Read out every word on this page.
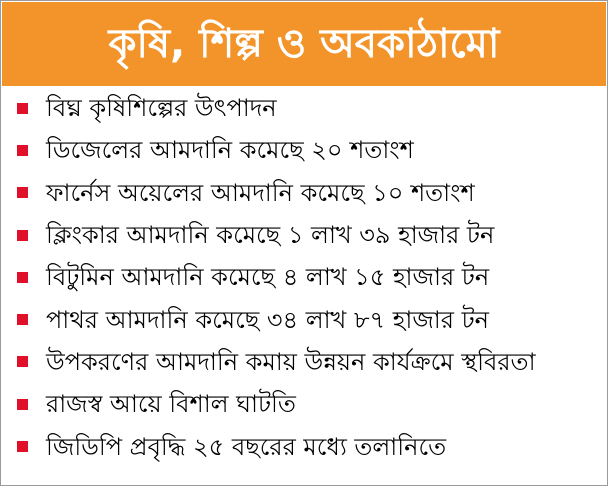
কৃষি, শিল্প ও অবকাঠামো
বিঘ্ন কৃষিশিল্পের উৎপাদন
ডিজেলের আমদানি কমেছে ২০ শতাংশ
ফার্নেস অয়েলের আমদানি কমেছে ১০ শতাংশ
ক্লিংকার আমদানি কমেছে ১ লাখ ৩৯ হাজার টন
বিটুমিন আমদানি কমেছে ৪ লাখ ১৫ হাজার টন
পাথর আমদানি কমেছে ৩৪ লাখ ৮৭ হাজার টন
উপকরণের আমদানি কমায় উন্নয়ন কার্যক্রমে স্থবিরতা
রাজস্ব আয়ে বিশাল ঘাটতি
জিডিপি প্রবৃদ্ধি ২৫ বছরের মধ্যে তলানিতে
